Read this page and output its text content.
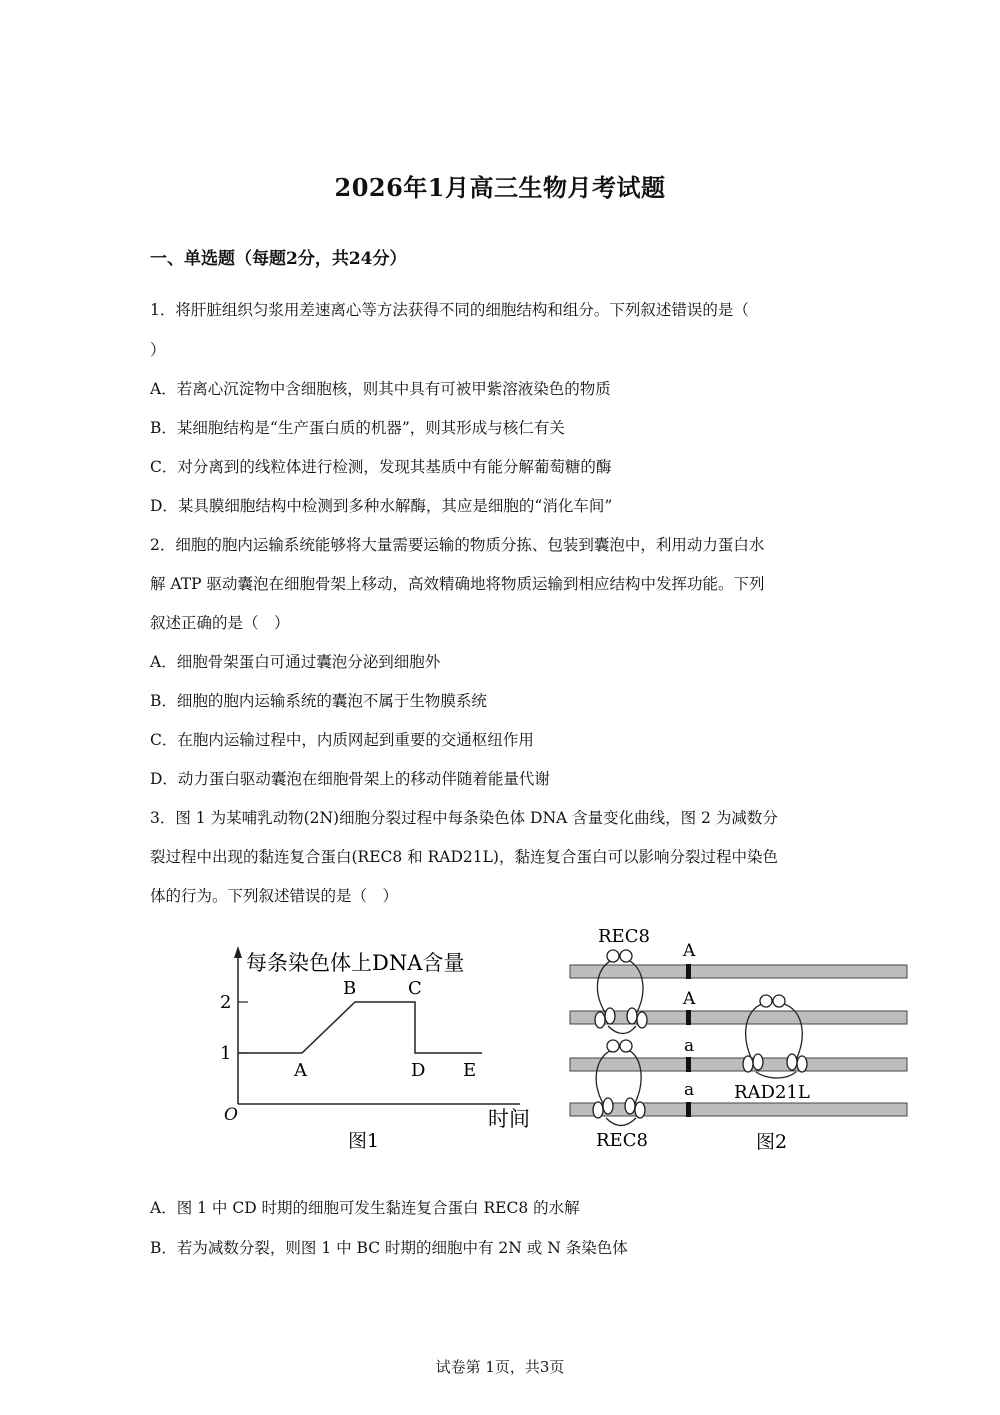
2026年1月高三生物月考试题
一、单选题（每题2分，共24分）
1．将肝脏组织匀浆用差速离心等方法获得不同的细胞结构和组分。下列叙述错误的是（
）
A．若离心沉淀物中含细胞核，则其中具有可被甲紫溶液染色的物质
B．某细胞结构是“生产蛋白质的机器”，则其形成与核仁有关
C．对分离到的线粒体进行检测，发现其基质中有能分解葡萄糖的酶
D．某具膜细胞结构中检测到多种水解酶，其应是细胞的“消化车间”
2．细胞的胞内运输系统能够将大量需要运输的物质分拣、包装到囊泡中，利用动力蛋白水
解 ATP 驱动囊泡在细胞骨架上移动，高效精确地将物质运输到相应结构中发挥功能。下列
叙述正确的是（　）
A．细胞骨架蛋白可通过囊泡分泌到细胞外
B．细胞的胞内运输系统的囊泡不属于生物膜系统
C．在胞内运输过程中，内质网起到重要的交通枢纽作用
D．动力蛋白驱动囊泡在细胞骨架上的移动伴随着能量代谢
3．图 1 为某哺乳动物(2N)细胞分裂过程中每条染色体 DNA 含量变化曲线，图 2 为减数分
裂过程中出现的黏连复合蛋白(REC8 和 RAD21L)，黏连复合蛋白可以影响分裂过程中染色
体的行为。下列叙述错误的是（　）
每条染色体上DNA含量
时间
O
2
1
A
B	C
D E
图1
A
A
a
a
REC8
REC8
RAD21L
图2
A．图 1 中 CD 时期的细胞可发生黏连复合蛋白 REC8 的水解
B．若为减数分裂，则图 1 中 BC 时期的细胞中有 2N 或 N 条染色体
试卷第 1页，共3页
